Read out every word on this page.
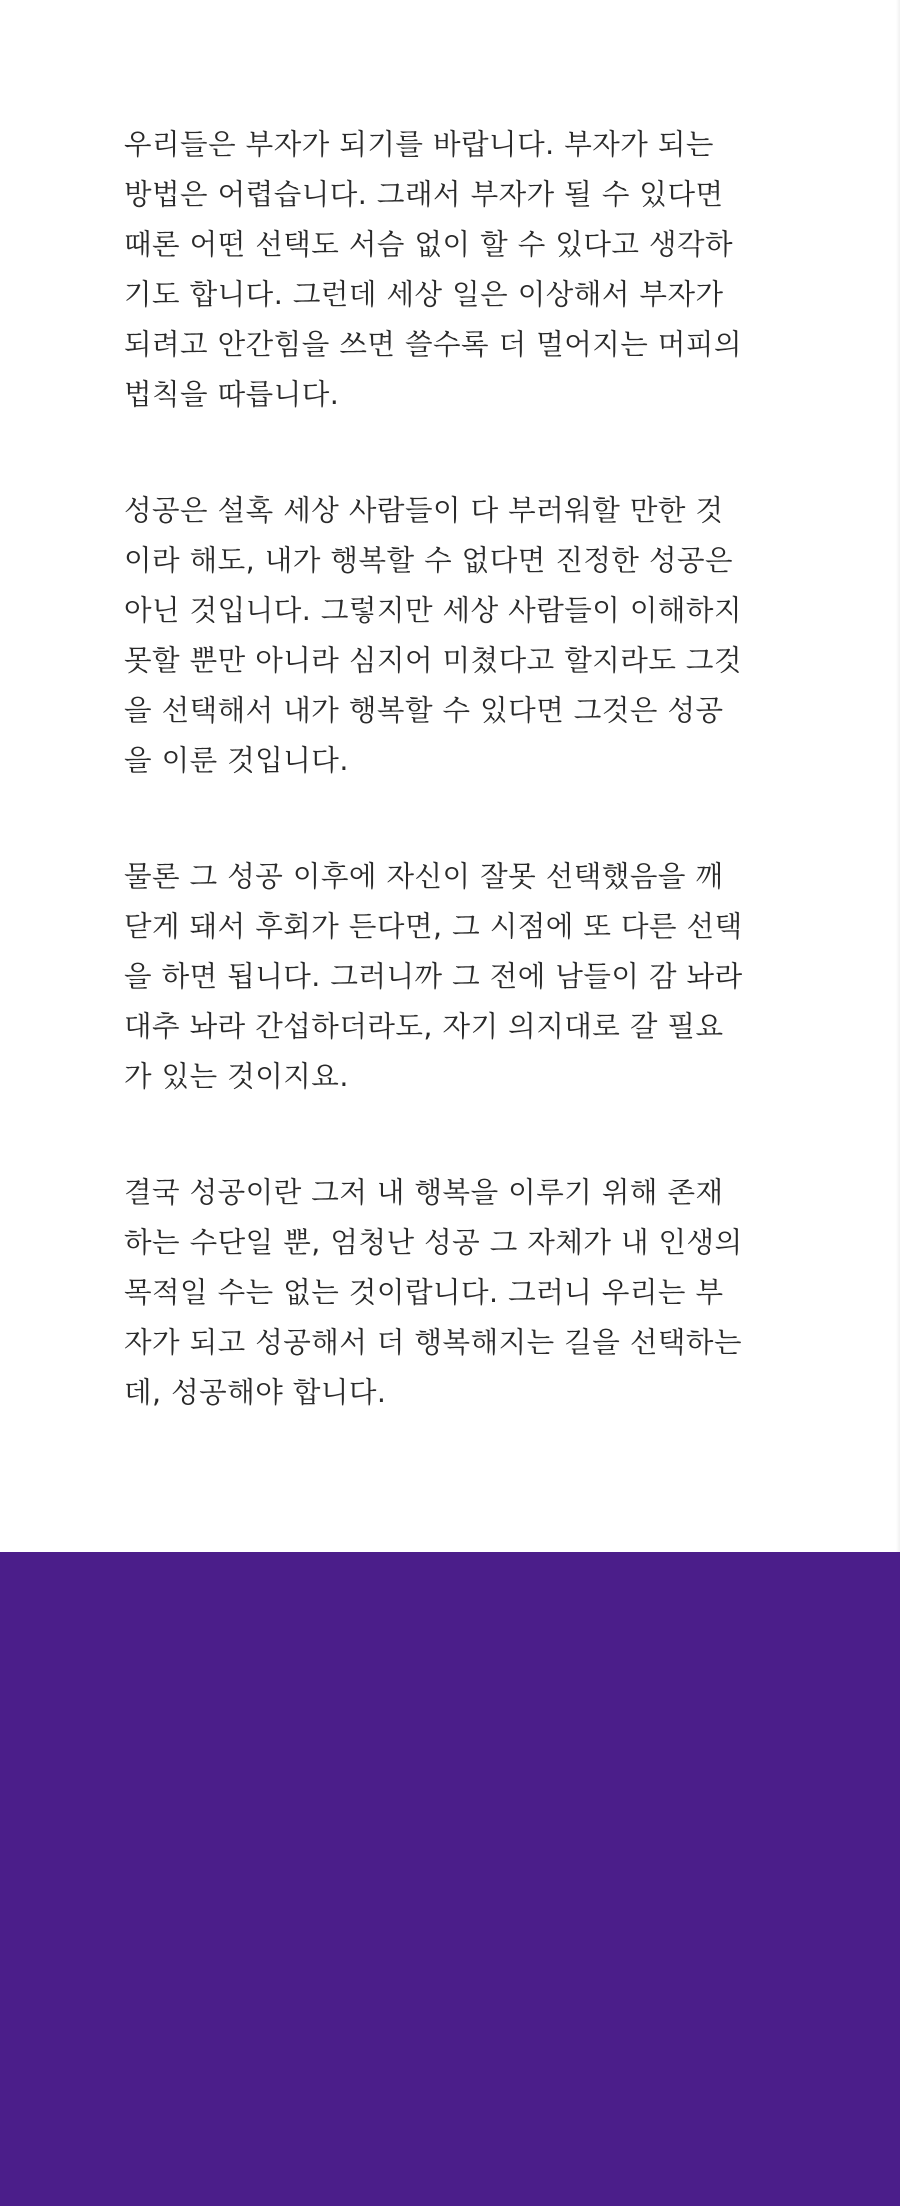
우리들은 부자가 되기를 바랍니다. 부자가 되는
방법은 어렵습니다. 그래서 부자가 될 수 있다면
때론 어떤 선택도 서슴 없이 할 수 있다고 생각하
기도 합니다. 그런데 세상 일은 이상해서 부자가
되려고 안간힘을 쓰면 쓸수록 더 멀어지는 머피의
법칙을 따릅니다.
성공은 설혹 세상 사람들이 다 부러워할 만한 것
이라 해도, 내가 행복할 수 없다면 진정한 성공은
아닌 것입니다. 그렇지만 세상 사람들이 이해하지
못할 뿐만 아니라 심지어 미쳤다고 할지라도 그것
을 선택해서 내가 행복할 수 있다면 그것은 성공
을 이룬 것입니다.
물론 그 성공 이후에 자신이 잘못 선택했음을 깨
닫게 돼서 후회가 든다면, 그 시점에 또 다른 선택
을 하면 됩니다. 그러니까 그 전에 남들이 감 놔라
대추 놔라 간섭하더라도, 자기 의지대로 갈 필요
가 있는 것이지요.
결국 성공이란 그저 내 행복을 이루기 위해 존재
하는 수단일 뿐, 엄청난 성공 그 자체가 내 인생의
목적일 수는 없는 것이랍니다. 그러니 우리는 부
자가 되고 성공해서 더 행복해지는 길을 선택하는
데, 성공해야 합니다.
